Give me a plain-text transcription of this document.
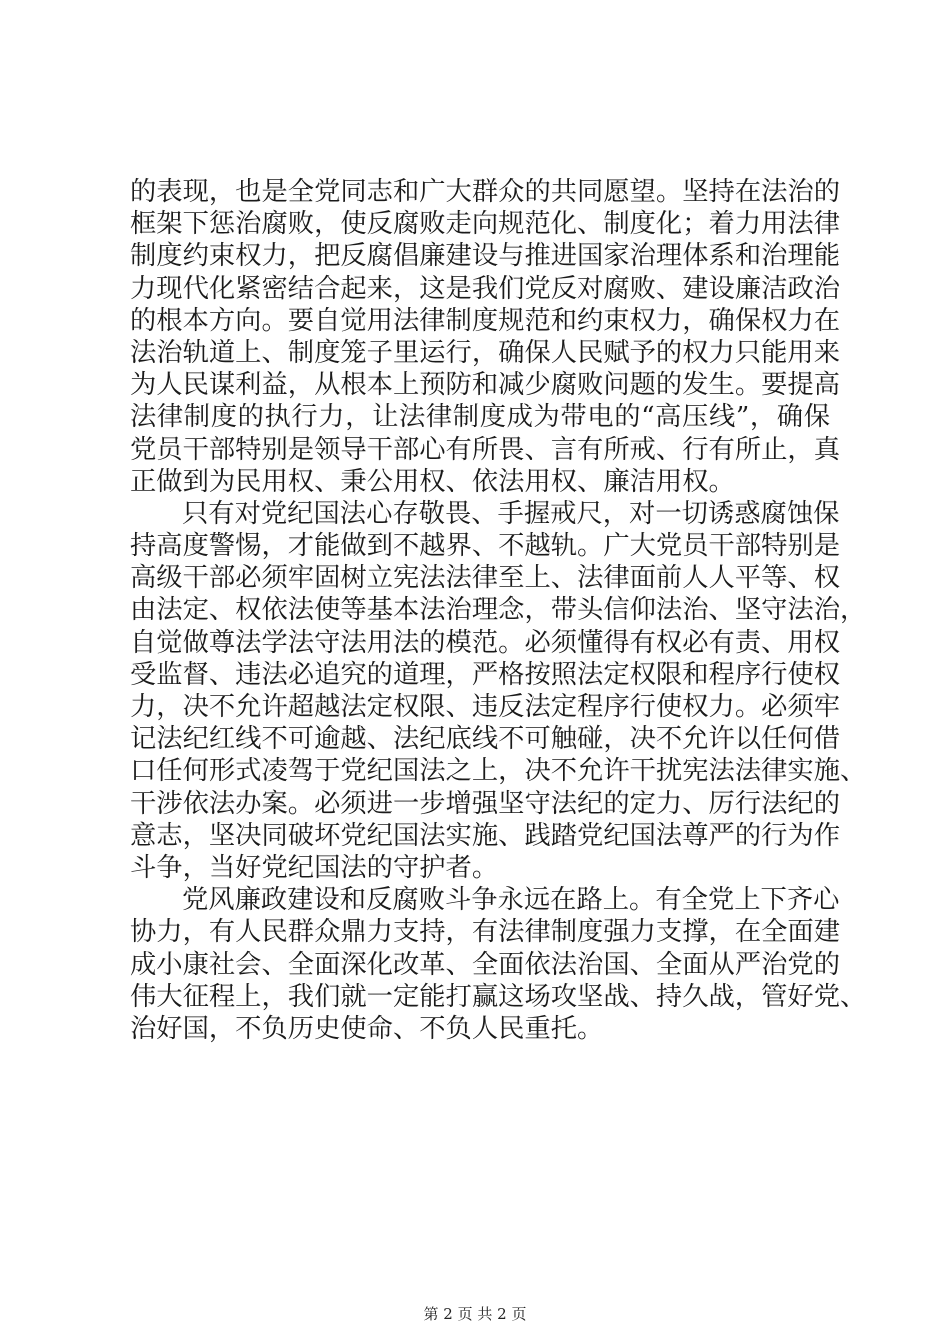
的表现，也是全党同志和广大群众的共同愿望。坚持在法治的
框架下惩治腐败，使反腐败走向规范化、制度化；着力用法律
制度约束权力，把反腐倡廉建设与推进国家治理体系和治理能
力现代化紧密结合起来，这是我们党反对腐败、建设廉洁政治
的根本方向。要自觉用法律制度规范和约束权力，确保权力在
法治轨道上、制度笼子里运行，确保人民赋予的权力只能用来
为人民谋利益，从根本上预防和减少腐败问题的发生。要提高
法律制度的执行力，让法律制度成为带电的“高压线”，确保
党员干部特别是领导干部心有所畏、言有所戒、行有所止，真
正做到为民用权、秉公用权、依法用权、廉洁用权。
只有对党纪国法心存敬畏、手握戒尺，对一切诱惑腐蚀保
持高度警惕，才能做到不越界、不越轨。广大党员干部特别是
高级干部必须牢固树立宪法法律至上、法律面前人人平等、权
由法定、权依法使等基本法治理念，带头信仰法治、坚守法治，
自觉做尊法学法守法用法的模范。必须懂得有权必有责、用权
受监督、违法必追究的道理，严格按照法定权限和程序行使权
力，决不允许超越法定权限、违反法定程序行使权力。必须牢
记法纪红线不可逾越、法纪底线不可触碰，决不允许以任何借
口任何形式凌驾于党纪国法之上，决不允许干扰宪法法律实施、
干涉依法办案。必须进一步增强坚守法纪的定力、厉行法纪的
意志，坚决同破坏党纪国法实施、践踏党纪国法尊严的行为作
斗争，当好党纪国法的守护者。
党风廉政建设和反腐败斗争永远在路上。有全党上下齐心
协力，有人民群众鼎力支持，有法律制度强力支撑，在全面建
成小康社会、全面深化改革、全面依法治国、全面从严治党的
伟大征程上，我们就一定能打赢这场攻坚战、持久战，管好党、
治好国，不负历史使命、不负人民重托。
第 2 页 共 2 页
